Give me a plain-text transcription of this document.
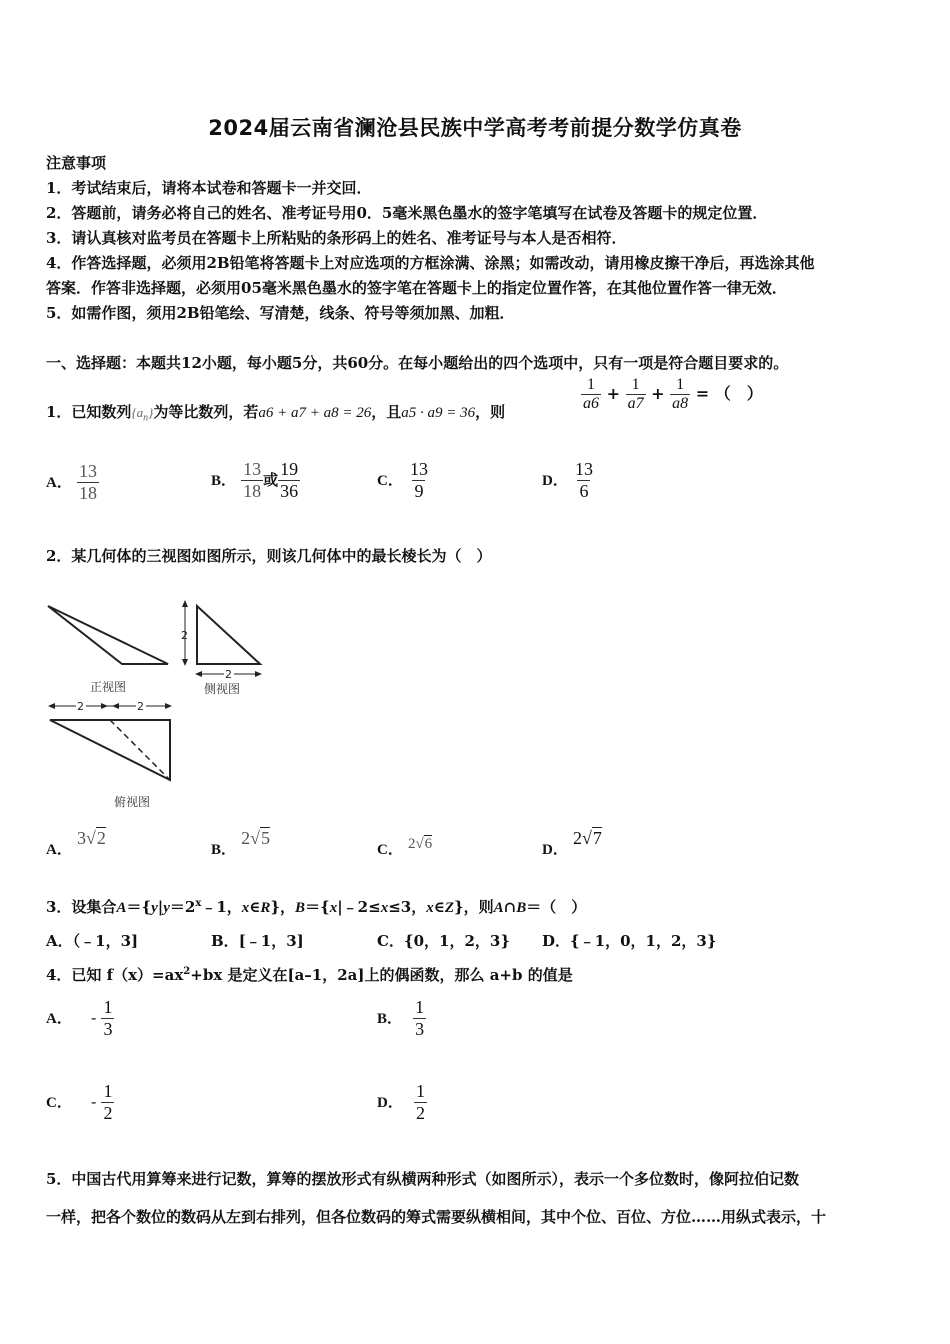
2024届云南省澜沧县民族中学高考考前提分数学仿真卷
注意事项
1．考试结束后，请将本试卷和答题卡一并交回．
2．答题前，请务必将自己的姓名、准考证号用0．5毫米黑色墨水的签字笔填写在试卷及答题卡的规定位置．
3．请认真核对监考员在答题卡上所粘贴的条形码上的姓名、准考证号与本人是否相符．
4．作答选择题，必须用2B铅笔将答题卡上对应选项的方框涂满、涂黑；如需改动，请用橡皮擦干净后，再选涂其他
答案．作答非选择题，必须用05毫米黑色墨水的签字笔在答题卡上的指定位置作答，在其他位置作答一律无效．
5．如需作图，须用2B铅笔绘、写清楚，线条、符号等须加黑、加粗．
一、选择题：本题共12小题，每小题5分，共60分。在每小题给出的四个选项中，只有一项是符合题目要求的。
1．已知数列$\{a_n\}$为等比数列，若a6 + a7 + a8 = 26，且a5 · a9 = 36，则	$\frac{1}{a6} + \frac{1}{a7} + \frac{1}{a8}$ = （　）
A． $\frac{13}{18}$	B． $\frac{13}{18}$ 或 $\frac{19}{36}$	C． $\frac{13}{9}$	D． $\frac{13}{6}$
2．某几何体的三视图如图所示，则该几何体中的最长棱长为（　）
正视图
2
2
侧视图
2	2
俯视图
A． 3√2
B． 2√5
C． 2√6	D． 2√7
3．设集合$A=\{y|y=2^x﹣1$，x∈R}，B＝{x|﹣2≤x≤3，x∈Z}，则A∩B＝（　）
A．（﹣1，3]	B．[﹣1，3]	C．{0，1，2，3} D．{﹣1，0，1，2，3}
4．已知 $f(x)=ax^2+bx$ 是定义在[a–1，2a]上的偶函数，那么 a+b 的值是
A． - $\frac{1}{3}$	B． $\frac{1}{3}$
C． - $\frac{1}{2}$	D． $\frac{1}{2}$
5．中国古代用算筹来进行记数，算筹的摆放形式有纵横两种形式（如图所示），表示一个多位数时，像阿拉伯记数
一样，把各个数位的数码从左到右排列，但各位数码的筹式需要纵横相间，其中个位、百位、方位……用纵式表示，十
